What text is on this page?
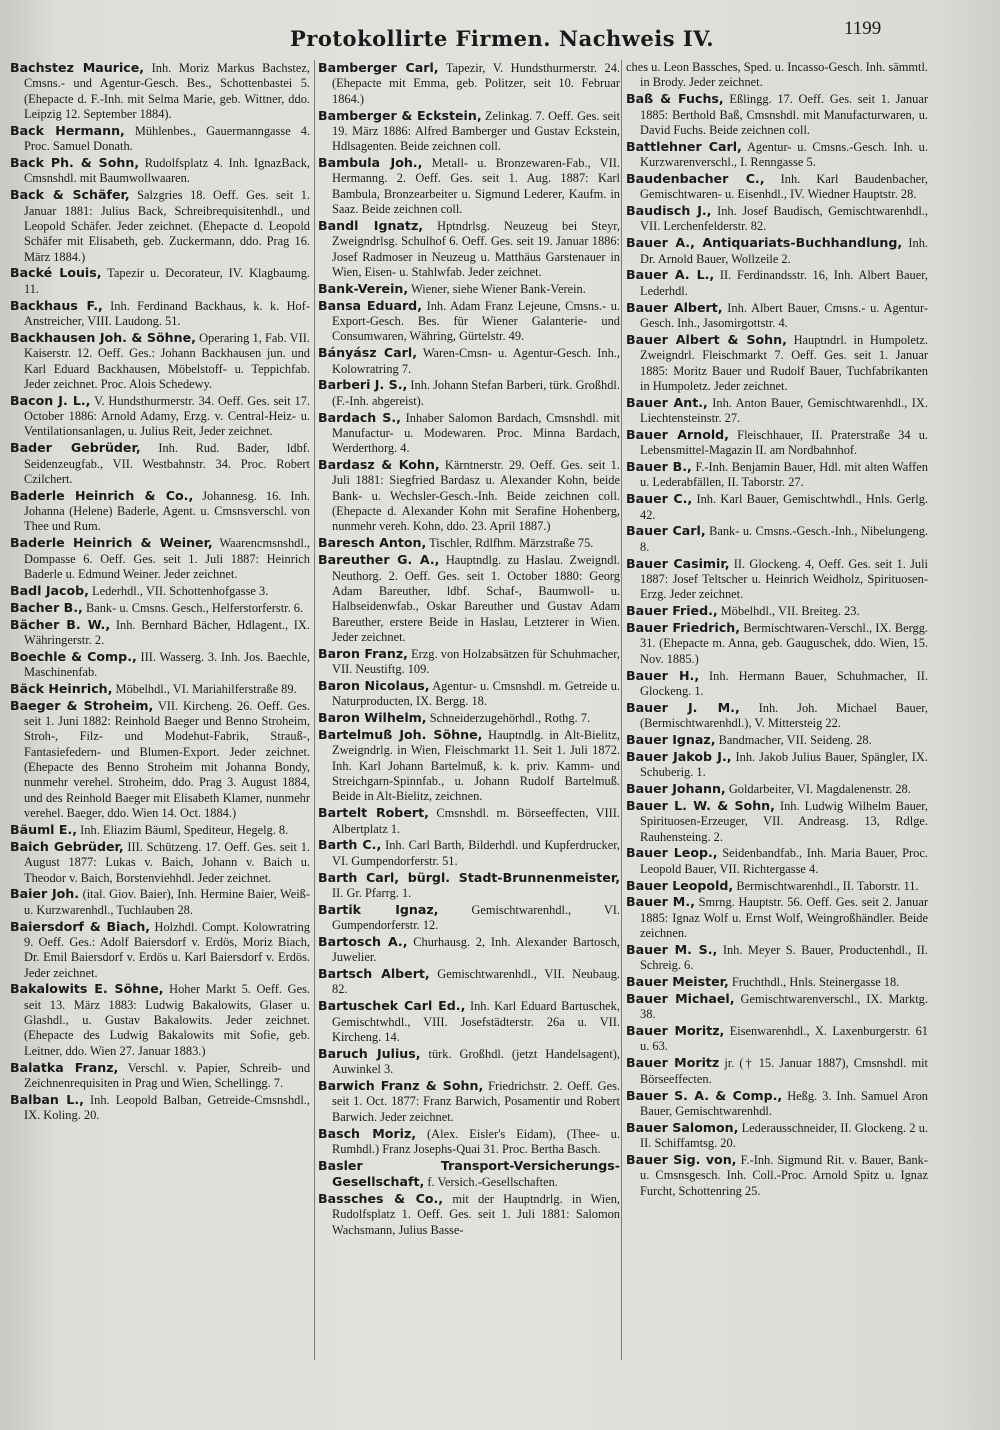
Protokollirte Firmen. Nachweis IV.	1199

Bachstez Maurice, Inh. Moriz Markus Bachstez, Cmsns.- und Agentur-Gesch. Bes., Schottenbastei 5. (Ehepacte d. F.-Inh. mit Selma Marie, geb. Wittner, ddo. Leipzig 12. September 1884).

Back Hermann, Mühlenbes., Gauermanngasse 4. Proc. Samuel Donath.

Back Ph. & Sohn, Rudolfsplatz 4. Inh. IgnazBack, Cmsnshdl. mit Baumwollwaaren.

Back & Schäfer, Salzgries 18. Oeff. Ges. seit 1. Januar 1881: Julius Back, Schreibrequisitenhdl., und Leopold Schäfer. Jeder zeichnet. (Ehepacte d. Leopold Schäfer mit Elisabeth, geb. Zuckermann, ddo. Prag 16. März 1884.)

Backé Louis, Tapezir u. Decorateur, IV. Klagbaumg. 11.

Backhaus F., Inh. Ferdinand Backhaus, k. k. Hof-Anstreicher, VIII. Laudong. 51.

Backhausen Joh. & Söhne, Operaring 1, Fab. VII. Kaiserstr. 12. Oeff. Ges.: Johann Backhausen jun. und Karl Eduard Backhausen, Möbelstoff- u. Teppichfab. Jeder zeichnet. Proc. Alois Schedewy.

Bacon J. L., V. Hundsthurmerstr. 34. Oeff. Ges. seit 17. October 1886: Arnold Adamy, Erzg. v. Central-Heiz- u. Ventilationsanlagen, u. Julius Reit, Jeder zeichnet.

Bader Gebrüder, Inh. Rud. Bader, ldbf. Seidenzeugfab., VII. Westbahnstr. 34. Proc. Robert Czilchert.

Baderle Heinrich & Co., Johannesg. 16. Inh. Johanna (Helene) Baderle, Agent. u. Cmsnsverschl. von Thee und Rum.

Baderle Heinrich & Weiner, Waarencmsnshdl., Dompasse 6. Oeff. Ges. seit 1. Juli 1887: Heinrich Baderle u. Edmund Weiner. Jeder zeichnet.

Badl Jacob, Lederhdl., VII. Schottenhofgasse 3.

Bacher B., Bank- u. Cmsns. Gesch., Helferstorferstr. 6.

Bächer B. W., Inh. Bernhard Bächer, Hdlagent., IX. Währingerstr. 2.

Boechle & Comp., III. Wasserg. 3. Inh. Jos. Baechle, Maschinenfab.

Bäck Heinrich, Möbelhdl., VI. Mariahilferstraße 89.

Baeger & Stroheim, VII. Kircheng. 26. Oeff. Ges. seit 1. Juni 1882: Reinhold Baeger und Benno Stroheim, Stroh-, Filz- und Modehut-Fabrik, Strauß-, Fantasiefedern- und Blumen-Export. Jeder zeichnet. (Ehepacte des Benno Stroheim mit Johanna Bondy, nunmehr verehel. Stroheim, ddo. Prag 3. August 1884, und des Reinhold Baeger mit Elisabeth Klamer, nunmehr verehel. Baeger, ddo. Wien 14. Oct. 1884.)

Bäuml E., Inh. Eliazim Bäuml, Spediteur, Hegelg. 8.

Baich Gebrüder, III. Schützeng. 17. Oeff. Ges. seit 1. August 1877: Lukas v. Baich, Johann v. Baich u. Theodor v. Baich, Borstenviehhdl. Jeder zeichnet.

Baier Joh. (ital. Giov. Baier), Inh. Hermine Baier, Weiß- u. Kurzwarenhdl., Tuchlauben 28.

Baiersdorf & Biach, Holzhdl. Compt. Kolowratring 9. Oeff. Ges.: Adolf Baiersdorf v. Erdös, Moriz Biach, Dr. Emil Baiersdorf v. Erdös u. Karl Baiersdorf v. Erdös. Jeder zeichnet.

Bakalowits E. Söhne, Hoher Markt 5. Oeff. Ges. seit 13. März 1883: Ludwig Bakalowits, Glaser u. Glashdl., u. Gustav Bakalowits. Jeder zeichnet. (Ehepacte des Ludwig Bakalowits mit Sofie, geb. Leitner, ddo. Wien 27. Januar 1883.)

Balatka Franz, Verschl. v. Papier, Schreib- und Zeichnenrequisiten in Prag und Wien, Schellingg. 7.

Balban L., Inh. Leopold Balban, Getreide-Cmsnshdl., IX. Koling. 20.

Bamberger Carl, Tapezir, V. Hundsthurmerstr. 24. (Ehepacte mit Emma, geb. Politzer, seit 10. Februar 1864.)

Bamberger & Eckstein, Zelinkag. 7. Oeff. Ges. seit 19. März 1886: Alfred Bamberger und Gustav Eckstein, Hdlsagenten. Beide zeichnen coll.

Bambula Joh., Metall- u. Bronzewaren-Fab., VII. Hermanng. 2. Oeff. Ges. seit 1. Aug. 1887: Karl Bambula, Bronzearbeiter u. Sigmund Lederer, Kaufm. in Saaz. Beide zeichnen coll.

Bandl Ignatz, Hptndrlsg. Neuzeug bei Steyr, Zweigndrlsg. Schulhof 6. Oeff. Ges. seit 19. Januar 1886: Josef Radmoser in Neuzeug u. Matthäus Garstenauer in Wien, Eisen- u. Stahlwfab. Jeder zeichnet.

Bank-Verein, Wiener, siehe Wiener Bank-Verein.

Bansa Eduard, Inh. Adam Franz Lejeune, Cmsns.- u. Export-Gesch. Bes. für Wiener Galanterie- und Consumwaren, Währing, Gürtelstr. 49.

Bányász Carl, Waren-Cmsn- u. Agentur-Gesch. Inh., Kolowratring 7.

Barberi J. S., Inh. Johann Stefan Barberi, türk. Großhdl. (F.-Inh. abgereist).

Bardach S., Inhaber Salomon Bardach, Cmsnshdl. mit Manufactur- u. Modewaren. Proc. Minna Bardach, Werderthorg. 4.

Bardasz & Kohn, Kärntnerstr. 29. Oeff. Ges. seit 1. Juli 1881: Siegfried Bardasz u. Alexander Kohn, beide Bank- u. Wechsler-Gesch.-Inh. Beide zeichnen coll. (Ehepacte d. Alexander Kohn mit Serafine Hohenberg, nunmehr vereh. Kohn, ddo. 23. April 1887.)

Baresch Anton, Tischler, Rdlfhm. Märzstraße 75.

Bareuther G. A., Hauptndlg. zu Haslau. Zweigndl. Neuthorg. 2. Oeff. Ges. seit 1. October 1880: Georg Adam Bareuther, ldbf. Schaf-, Baumwoll- u. Halbseidenwfab., Oskar Bareuther und Gustav Adam Bareuther, erstere Beide in Haslau, Letzterer in Wien. Jeder zeichnet.

Baron Franz, Erzg. von Holzabsätzen für Schuhmacher, VII. Neustiftg. 109.

Baron Nicolaus, Agentur- u. Cmsnshdl. m. Getreide u. Naturproducten, IX. Bergg. 18.

Baron Wilhelm, Schneiderzugehörhdl., Rothg. 7.

Bartelmuß Joh. Söhne, Hauptndlg. in Alt-Bielitz, Zweigndrlg. in Wien, Fleischmarkt 11. Seit 1. Juli 1872. Inh. Karl Johann Bartelmuß, k. k. priv. Kamm- und Streichgarn-Spinnfab., u. Johann Rudolf Bartelmuß. Beide in Alt-Bielitz, zeichnen.

Bartelt Robert, Cmsnshdl. m. Börseeffecten, VIII. Albertplatz 1.

Barth C., Inh. Carl Barth, Bilderhdl. und Kupferdrucker, VI. Gumpendorferstr. 51.

Barth Carl, bürgl. Stadt-Brunnenmeister, II. Gr. Pfarrg. 1.

Bartik Ignaz,	Gemischtwarenhdl., VI. Gumpendorferstr. 12.

Bartosch A., Churhausg. 2, Inh. Alexander Bartosch, Juwelier.

Bartsch Albert, Gemischtwarenhdl., VII. Neubaug. 82.

Bartuschek Carl Ed., Inh. Karl Eduard Bartuschek, Gemischtwhdl., VIII. Josefstädterstr. 26a u. VII. Kircheng. 14.

Baruch Julius, türk. Großhdl. (jetzt Handelsagent), Auwinkel 3.

Barwich Franz & Sohn, Friedrichstr. 2. Oeff. Ges. seit 1. Oct. 1877: Franz Barwich, Posamentir und Robert Barwich. Jeder zeichnet.

Basch Moriz, (Alex. Eisler's Eidam), (Thee- u. Rumhdl.) Franz Josephs-Quai 31. Proc. Bertha Basch.

Basler Transport-Versicherungs-Gesellschaft, f. Versich.-Gesellschaften.

Bassches & Co., mit der Hauptndrlg. in Wien, Rudolfsplatz 1. Oeff. Ges. seit 1. Juli 1881: Salomon Wachsmann, Julius Basse-

ches u. Leon Bassches, Sped. u. Incasso-Gesch. Inh. sämmtl. in Brody. Jeder zeichnet.

Baß & Fuchs, Eßlingg. 17. Oeff. Ges. seit 1. Januar 1885: Berthold Baß, Cmsnshdl. mit Manufacturwaren, u. David Fuchs. Beide zeichnen coll.

Battlehner Carl, Agentur- u. Cmsns.-Gesch. Inh. u. Kurzwarenverschl., I. Renngasse 5.

Baudenbacher C., Inh. Karl Baudenbacher, Gemischtwaren- u. Eisenhdl., IV. Wiedner Hauptstr. 28.

Baudisch J., Inh. Josef Baudisch, Gemischtwarenhdl., VII. Lerchenfelderstr. 82.

Bauer A., Antiquariats-Buchhandlung, Inh. Dr. Arnold Bauer, Wollzeile 2.

Bauer A. L., II. Ferdinandsstr. 16, Inh. Albert Bauer, Lederhdl.

Bauer Albert, Inh. Albert Bauer, Cmsns.- u. Agentur-Gesch. Inh., Jasomirgottstr. 4.

Bauer Albert & Sohn, Hauptndrl. in Humpoletz. Zweigndrl. Fleischmarkt 7. Oeff. Ges. seit 1. Januar 1885: Moritz Bauer und Rudolf Bauer, Tuchfabrikanten in Humpoletz. Jeder zeichnet.

Bauer Ant., Inh. Anton Bauer, Gemischtwarenhdl., IX. Liechtensteinstr. 27.

Bauer Arnold, Fleischhauer, II. Praterstraße 34 u. Lebensmittel-Magazin II. am Nordbahnhof.

Bauer B., F.-Inh. Benjamin Bauer, Hdl. mit alten Waffen u. Lederabfällen, II. Taborstr. 27.

Bauer C., Inh. Karl Bauer, Gemischtwhdl., Hnls. Gerlg. 42.

Bauer Carl, Bank- u. Cmsns.-Gesch.-Inh., Nibelungeng. 8.

Bauer Casimir, II. Glockeng. 4, Oeff. Ges. seit 1. Juli 1887: Josef Teltscher u. Heinrich Weidholz, Spirituosen-Erzg. Jeder zeichnet.

Bauer Fried., Möbelhdl., VII. Breiteg. 23.

Bauer Friedrich, Bermischtwaren-Verschl., IX. Bergg. 31. (Ehepacte m. Anna, geb. Gauguschek, ddo. Wien, 15. Nov. 1885.)

Bauer H., Inh. Hermann Bauer, Schuhmacher, II. Glockeng. 1.

Bauer J. M., Inh. Joh. Michael Bauer, (Bermischtwarenhdl.), V. Mittersteig 22.

Bauer Ignaz, Bandmacher, VII. Seideng. 28.

Bauer Jakob J., Inh. Jakob Julius Bauer, Spängler, IX. Schuberig. 1.

Bauer Johann, Goldarbeiter, VI. Magdalenenstr. 28.

Bauer L. W. & Sohn, Inh. Ludwig Wilhelm Bauer, Spirituosen-Erzeuger, VII. Andreasg. 13, Rdlge. Rauhensteing. 2.

Bauer Leop., Seidenbandfab., Inh. Maria Bauer, Proc. Leopold Bauer, VII. Richtergasse 4.

Bauer Leopold, Bermischtwarenhdl., II. Taborstr. 11.

Bauer M., Smrng. Hauptstr. 56. Oeff. Ges. seit 2. Januar 1885: Ignaz Wolf u. Ernst Wolf, Weingroßhändler. Beide zeichnen.

Bauer M. S., Inh. Meyer S. Bauer, Productenhdl., II. Schreig. 6.

Bauer Meister, Fruchthdl., Hnls. Steinergasse 18.

Bauer Michael, Gemischtwarenverschl., IX. Marktg. 38.

Bauer Moritz, Eisenwarenhdl., X. Laxenburgerstr. 61 u. 63.

Bauer Moritz jr. († 15. Januar 1887), Cmsnshdl. mit Börseeffecten.

Bauer S. A. & Comp., Heßg. 3. Inh. Samuel Aron Bauer, Gemischtwarenhdl.

Bauer Salomon, Lederausschneider, II. Glockeng. 2 u. II. Schiffamtsg. 20.

Bauer Sig. von, F.-Inh. Sigmund Rit. v. Bauer, Bank- u. Cmsnsgesch. Inh. Coll.-Proc. Arnold Spitz u. Ignaz Furcht, Schottenring 25.
